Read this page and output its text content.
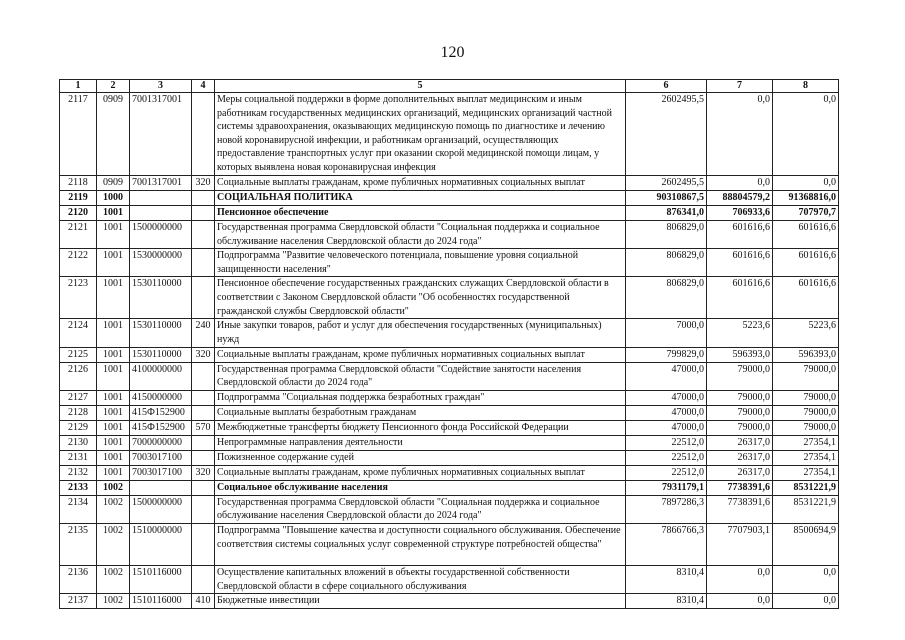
120
1	2	3	4	5	6	7	8
2117	0909	7001317001		Меры социальной поддержки в форме дополнительных выплат медицинским и иным работникам государственных медицинских организаций, медицинских организаций частной системы здравоохранения, оказывающих медицинскую помощь по диагностике и лечению новой коронавирусной инфекции, и работникам организаций, осуществляющих предоставление транспортных услуг при оказании скорой медицинской помощи лицам, у которых выявлена новая коронавирусная инфекция	2602495,5	0,0	0,0
2118	0909	7001317001	320	Социальные выплаты гражданам, кроме публичных нормативных социальных выплат	2602495,5	0,0	0,0
2119	1000			СОЦИАЛЬНАЯ ПОЛИТИКА	90310867,5	88804579,2	91368816,0
2120	1001			Пенсионное обеспечение	876341,0	706933,6	707970,7
2121	1001	1500000000		Государственная программа Свердловской области "Социальная поддержка и социальное обслуживание населения Свердловской области до 2024 года"	806829,0	601616,6	601616,6
2122	1001	1530000000		Подпрограмма "Развитие человеческого потенциала, повышение уровня социальной защищенности населения"	806829,0	601616,6	601616,6
2123	1001	1530110000		Пенсионное обеспечение государственных гражданских служащих Свердловской области в соответствии с Законом Свердловской области "Об особенностях государственной гражданской службы Свердловской области"	806829,0	601616,6	601616,6
2124	1001	1530110000	240	Иные закупки товаров, работ и услуг для обеспечения государственных (муниципальных) нужд	7000,0	5223,6	5223,6
2125	1001	1530110000	320	Социальные выплаты гражданам, кроме публичных нормативных социальных выплат	799829,0	596393,0	596393,0
2126	1001	4100000000		Государственная программа Свердловской области "Содействие занятости населения Свердловской области до 2024 года"	47000,0	79000,0	79000,0
2127	1001	4150000000		Подпрограмма "Социальная поддержка безработных граждан"	47000,0	79000,0	79000,0
2128	1001	415Ф152900		Социальные выплаты безработным гражданам	47000,0	79000,0	79000,0
2129	1001	415Ф152900	570	Межбюджетные трансферты бюджету Пенсионного фонда Российской Федерации	47000,0	79000,0	79000,0
2130	1001	7000000000		Непрограммные направления деятельности	22512,0	26317,0	27354,1
2131	1001	7003017100		Пожизненное содержание судей	22512,0	26317,0	27354,1
2132	1001	7003017100	320	Социальные выплаты гражданам, кроме публичных нормативных социальных выплат	22512,0	26317,0	27354,1
2133	1002			Социальное обслуживание населения	7931179,1	7738391,6	8531221,9
2134	1002	1500000000		Государственная программа Свердловской области "Социальная поддержка и социальное обслуживание населения Свердловской области до 2024 года"	7897286,3	7738391,6	8531221,9
2135	1002	1510000000		Подпрограмма "Повышение качества и доступности социального обслуживания. Обеспечение соответствия системы социальных услуг современной структуре потребностей общества"	7866766,3	7707903,1	8500694,9
2136	1002	1510116000		Осуществление капитальных вложений в объекты государственной собственности Свердловской области в сфере социального обслуживания	8310,4	0,0	0,0
2137	1002	1510116000	410	Бюджетные инвестиции	8310,4	0,0	0,0
